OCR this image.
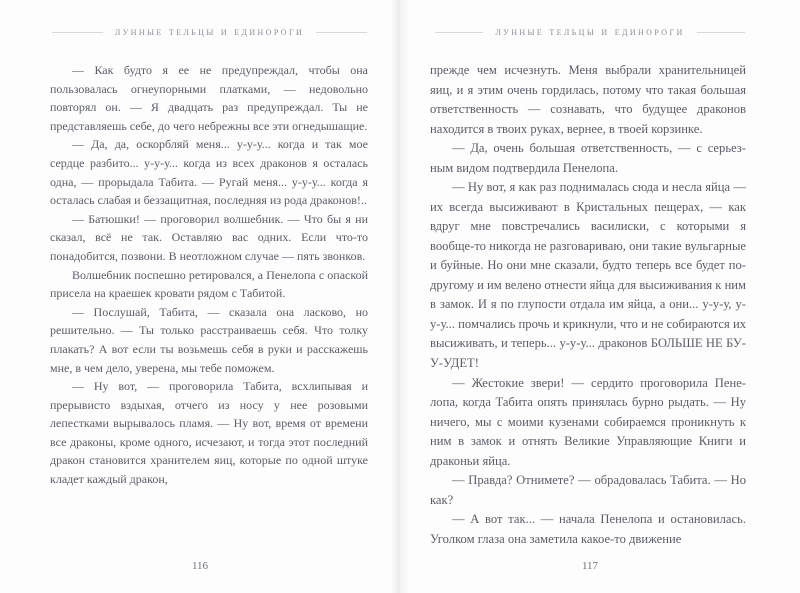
лунные тельцы и единороги

— Как будто я ее не предупреждал, чтобы она пользовалась огнеупорными платками, — недовольно повторял он. — Я двадцать раз предупреждал. Ты не представляешь себе, до чего небрежны все эти огнедышащие.

— Да, да, оскорбляй меня... у-у-у... когда и так мое сердце разбито... у-у-у... когда из всех драконов я осталась одна, — прорыдала Табита. — Ругай меня... у-у-у... когда я осталась слабая и беззащитная, последняя из рода драконов!..

— Батюшки! — проговорил волшебник. — Что бы я ни сказал, всё не так. Оставляю вас одних. Если что-то понадобится, позвони. В неотложном случае — пять звонков.

Волшебник поспешно ретировался, а Пенелопа с опаской присела на краешек кровати рядом с Табитой.

— Послушай, Табита, — сказала она ласково, но решительно. — Ты только расстраиваешь себя. Что толку плакать? А вот если ты возьмешь себя в руки и расскажешь мне, в чем дело, уверена, мы тебе поможем.

— Ну вот, — проговорила Табита, всхлипывая и прерывисто вздыхая, отчего из носу у нее розовыми лепестками вырывалось пламя. — Ну вот, время от времени все драконы, кроме одного, исчезают, и тогда этот последний дракон становится хранителем яиц, которые по одной штуке кладет каждый дракон,

116
лунные тельцы и единороги

прежде чем исчезнуть. Меня выбрали хранительницей яиц, и я этим очень гордилась, потому что такая большая ответственность — сознавать, что будущее драконов находится в твоих руках, вернее, в твоей корзинке.

— Да, очень большая ответственность, — с серьезным видом подтвердила Пенелопа.

— Ну вот, я как раз поднималась сюда и несла яйца — их всегда высиживают в Кристальных пещерах, — как вдруг мне повстречались василиски, с которыми я вообще-то никогда не разговариваю, они такие вульгарные и буйные. Но они мне сказали, будто теперь все будет по-другому и им велено отнести яйца для высиживания к ним в замок. И я по глупости отдала им яйца, а они... у-у-у, у-у-у... помчались прочь и крикнули, что и не собираются их высиживать, и теперь... у-у-у... драконов БОЛЬШЕ НЕ БУ-У-УДЕТ!

— Жестокие звери! — сердито проговорила Пенелопа, когда Табита опять принялась бурно рыдать. — Ну ничего, мы с моими кузенами собираемся проникнуть к ним в замок и отнять Великие Управляющие Книги и драконьи яйца.

— Правда? Отнимете? — обрадовалась Табита. — Но как?

— А вот так... — начала Пенелопа и остановилась. Уголком глаза она заметила какое-то движение

117
